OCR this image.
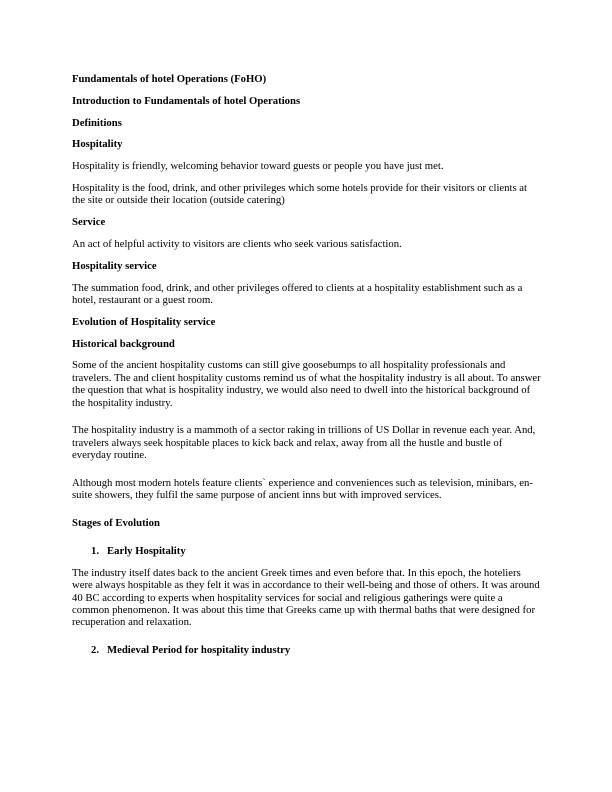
Fundamentals of hotel Operations (FoHO)
Introduction to Fundamentals of hotel Operations
Definitions
Hospitality
Hospitality is friendly, welcoming behavior toward guests or people you have just met.
Hospitality is the food, drink, and other privileges which some hotels provide for their visitors or clients at the site or outside their location (outside catering)
Service
An act of helpful activity to visitors are clients who seek various satisfaction.
Hospitality service
The summation food, drink, and other privileges offered to clients at a hospitality establishment such as a hotel, restaurant or a guest room.
Evolution of Hospitality service
Historical background
Some of the ancient hospitality customs can still give goosebumps to all hospitality professionals and travelers. The and client hospitality customs remind us of what the hospitality industry is all about. To answer the question that what is hospitality industry, we would also need to dwell into the historical background of the hospitality industry.
The hospitality industry is a mammoth of a sector raking in trillions of US Dollar in revenue each year. And, travelers always seek hospitable places to kick back and relax, away from all the hustle and bustle of everyday routine.
Although most modern hotels feature clients` experience and conveniences such as television, minibars, en-suite showers, they fulfil the same purpose of ancient inns but with improved services.
Stages of Evolution
1. Early Hospitality
The industry itself dates back to the ancient Greek times and even before that. In this epoch, the hoteliers were always hospitable as they felt it was in accordance to their well-being and those of others. It was around 40 BC according to experts when hospitality services for social and religious gatherings were quite a common phenomenon. It was about this time that Greeks came up with thermal baths that were designed for recuperation and relaxation.
2. Medieval Period for hospitality industry
